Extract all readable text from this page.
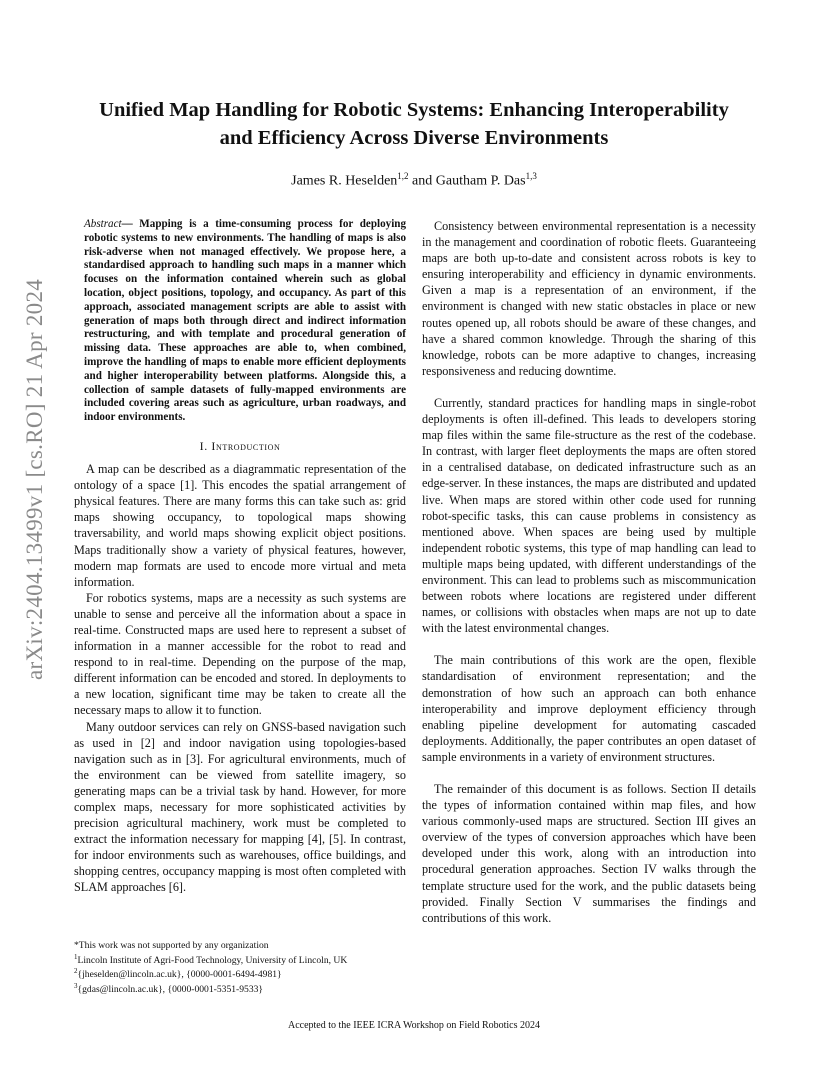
arXiv:2404.13499v1 [cs.RO] 21 Apr 2024
Unified Map Handling for Robotic Systems: Enhancing Interoperability
and Efficiency Across Diverse Environments
James R. Heselden$^{1,2}$ and Gautham P. Das$^{1,3}$

Abstract— Mapping is a time-consuming process for deploying robotic systems to new environments. The handling of maps is also risk-adverse when not managed effectively. We propose here, a standardised approach to handling such maps in a manner which focuses on the information contained wherein such as global location, object positions, topology, and occupancy. As part of this approach, associated management scripts are able to assist with generation of maps both through direct and indirect information restructuring, and with template and procedural generation of missing data. These approaches are able to, when combined, improve the handling of maps to enable more efficient deployments and higher interoperability between platforms. Alongside this, a collection of sample datasets of fully-mapped environments are included covering areas such as agriculture, urban roadways, and indoor environments.

I. Introduction

A map can be described as a diagrammatic representation of the ontology of a space [1]. This encodes the spatial arrangement of physical features. There are many forms this can take such as: grid maps showing occupancy, to topological maps showing traversability, and world maps showing explicit object positions. Maps traditionally show a variety of physical features, however, modern map formats are used to encode more virtual and meta information.

For robotics systems, maps are a necessity as such systems are unable to sense and perceive all the information about a space in real-time. Constructed maps are used here to represent a subset of information in a manner accessible for the robot to read and respond to in real-time. Depending on the purpose of the map, different information can be encoded and stored. In deployments to a new location, significant time may be taken to create all the necessary maps to allow it to function.

Many outdoor services can rely on GNSS-based navigation such as used in [2] and indoor navigation using topologies-based navigation such as in [3]. For agricultural environments, much of the environment can be viewed from satellite imagery, so generating maps can be a trivial task by hand. However, for more complex maps, necessary for more sophisticated activities by precision agricultural machinery, work must be completed to extract the information necessary for mapping [4], [5]. In contrast, for indoor environments such as warehouses, office buildings, and shopping centres, occupancy mapping is most often completed with SLAM approaches [6].

*This work was not supported by any organization
$^1$Lincoln Institute of Agri-Food Technology, University of Lincoln, UK
$^2${jheselden@lincoln.ac.uk}, {0000-0001-6494-4981}
$^3${gdas@lincoln.ac.uk}, {0000-0001-5351-9533}

Consistency between environmental representation is a necessity in the management and coordination of robotic fleets. Guaranteeing maps are both up-to-date and consistent across robots is key to ensuring interoperability and efficiency in dynamic environments. Given a map is a representation of an environment, if the environment is changed with new static obstacles in place or new routes opened up, all robots should be aware of these changes, and have a shared common knowledge. Through the sharing of this knowledge, robots can be more adaptive to changes, increasing responsiveness and reducing downtime.

Currently, standard practices for handling maps in single-robot deployments is often ill-defined. This leads to developers storing map files within the same file-structure as the rest of the codebase. In contrast, with larger fleet deployments the maps are often stored in a centralised database, on dedicated infrastructure such as an edge-server. In these instances, the maps are distributed and updated live. When maps are stored within other code used for running robot-specific tasks, this can cause problems in consistency as mentioned above. When spaces are being used by multiple independent robotic systems, this type of map handling can lead to multiple maps being updated, with different understandings of the environment. This can lead to problems such as miscommunication between robots where locations are registered under different names, or collisions with obstacles when maps are not up to date with the latest environmental changes.

The main contributions of this work are the open, flexible standardisation of environment representation; and the demonstration of how such an approach can both enhance interoperability and improve deployment efficiency through enabling pipeline development for automating cascaded deployments. Additionally, the paper contributes an open dataset of sample environments in a variety of environment structures.

The remainder of this document is as follows. Section II details the types of information contained within map files, and how various commonly-used maps are structured. Section III gives an overview of the types of conversion approaches which have been developed under this work, along with an introduction into procedural generation approaches. Section IV walks through the template structure used for the work, and the public datasets being provided. Finally Section V summarises the findings and contributions of this work.

Accepted to the IEEE ICRA Workshop on Field Robotics 2024
